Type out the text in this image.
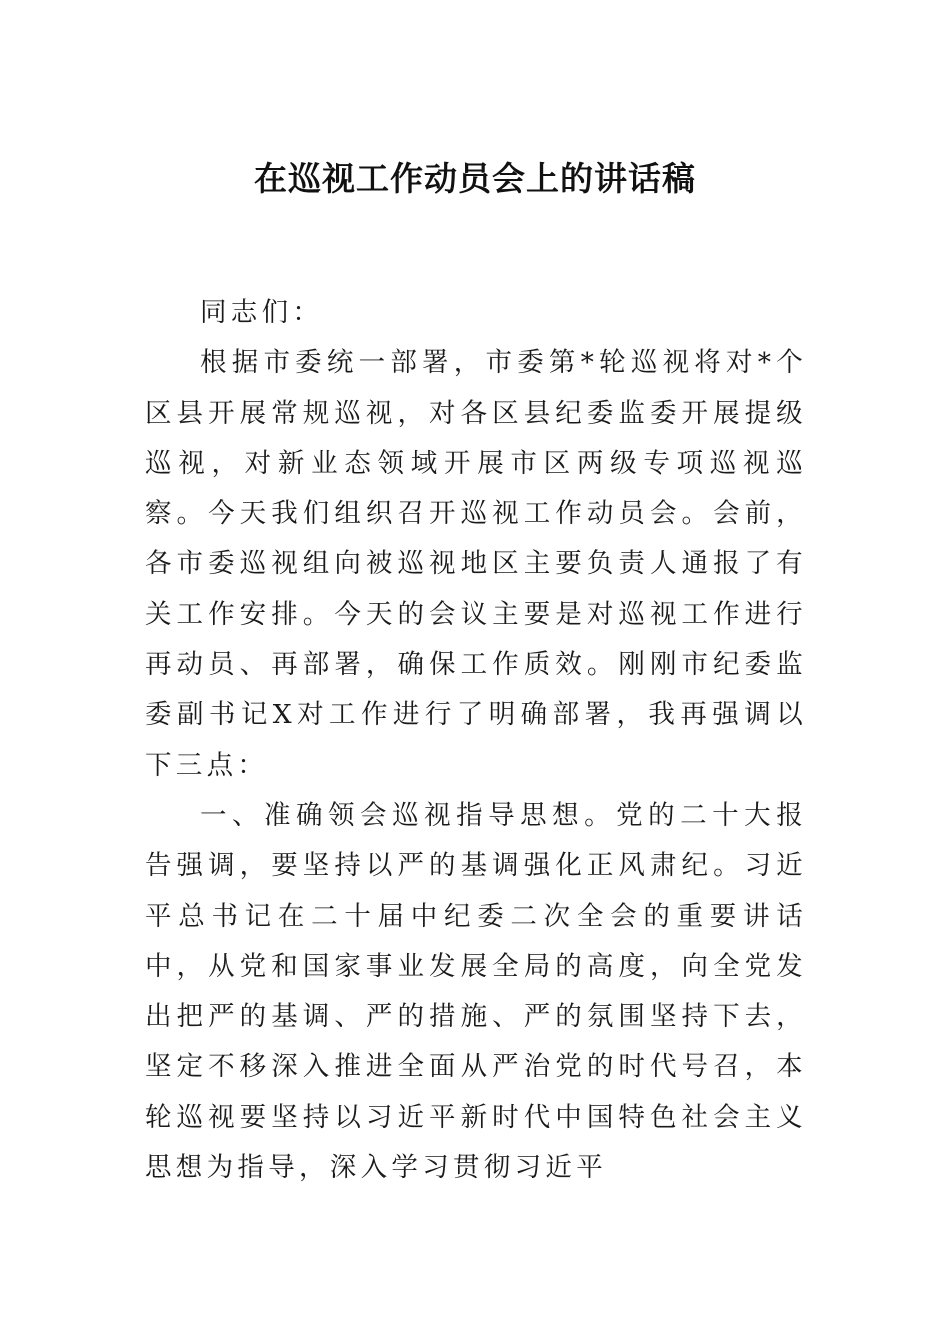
在巡视工作动员会上的讲话稿

同志们：

根据市委统一部署，市委第*轮巡视将对*个区县开展常规巡视，对各区县纪委监委开展提级巡视，对新业态领域开展市区两级专项巡视巡察。今天我们组织召开巡视工作动员会。会前，各市委巡视组向被巡视地区主要负责人通报了有关工作安排。今天的会议主要是对巡视工作进行再动员、再部署，确保工作质效。刚刚市纪委监委副书记X对工作进行了明确部署，我再强调以下三点：

一、准确领会巡视指导思想。党的二十大报告强调，要坚持以严的基调强化正风肃纪。习近平总书记在二十届中纪委二次全会的重要讲话中，从党和国家事业发展全局的高度，向全党发出把严的基调、严的措施、严的氛围坚持下去，坚定不移深入推进全面从严治党的时代号召，本轮巡视要坚持以习近平新时代中国特色社会主义思想为指导，深入学习贯彻习近平
